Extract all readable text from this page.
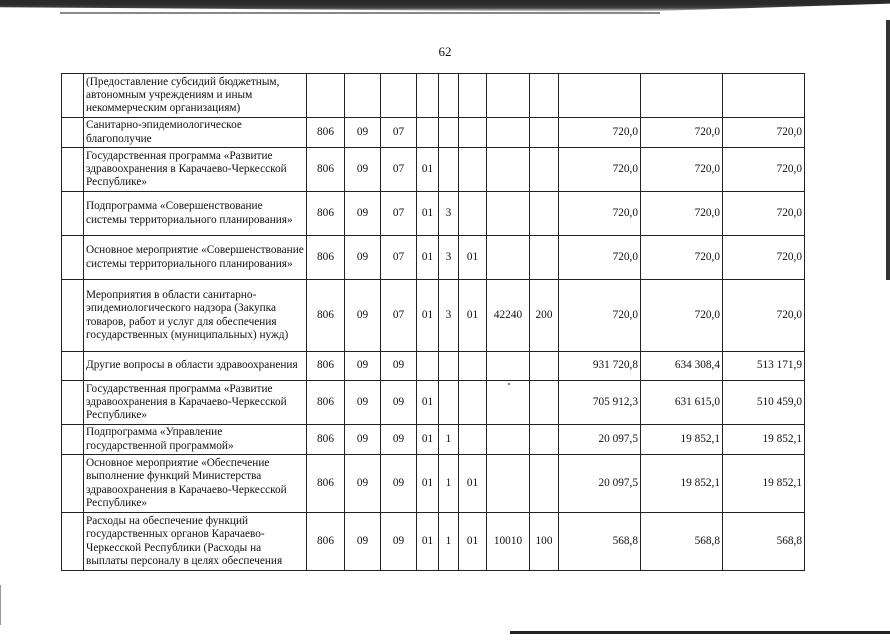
62
	(Предоставление субсидий бюджетным, автономным учреждениям и иным некоммерческим организациям)											
	Санитарно-эпидемиологическое благополучие	806	09	07						720,0	720,0	720,0
	Государственная программа «Развитие здравоохранения в Карачаево-Черкесской Республике»	806	09	07	01					720,0	720,0	720,0
	Подпрограмма «Совершенствование системы территориального планирования»	806	09	07	01	3				720,0	720,0	720,0
	Основное мероприятие «Совершенствование системы территориального планирования»	806	09	07	01	3	01			720,0	720,0	720,0
	Мероприятия в области санитарно-эпидемиологического надзора (Закупка товаров, работ и услуг для обеспечения государственных (муниципальных) нужд)	806	09	07	01	3	01	42240	200	720,0	720,0	720,0
	Другие вопросы в области здравоохранения	806	09	09						931 720,8	634 308,4	513 171,9
	Государственная программа «Развитие здравоохранения в Карачаево-Черкесской Республике»	806	09	09	01					705 912,3	631 615,0	510 459,0
	Подпрограмма «Управление государственной программой»	806	09	09	01	1				20 097,5	19 852,1	19 852,1
	Основное мероприятие «Обеспечение выполнение функций Министерства здравоохранения в Карачаево-Черкесской Республике»	806	09	09	01	1	01			20 097,5	19 852,1	19 852,1
	Расходы на обеспечение функций государственных органов Карачаево-Черкесской Республики (Расходы на выплаты персоналу в целях обеспечения	806	09	09	01	1	01	10010	100	568,8	568,8	568,8
